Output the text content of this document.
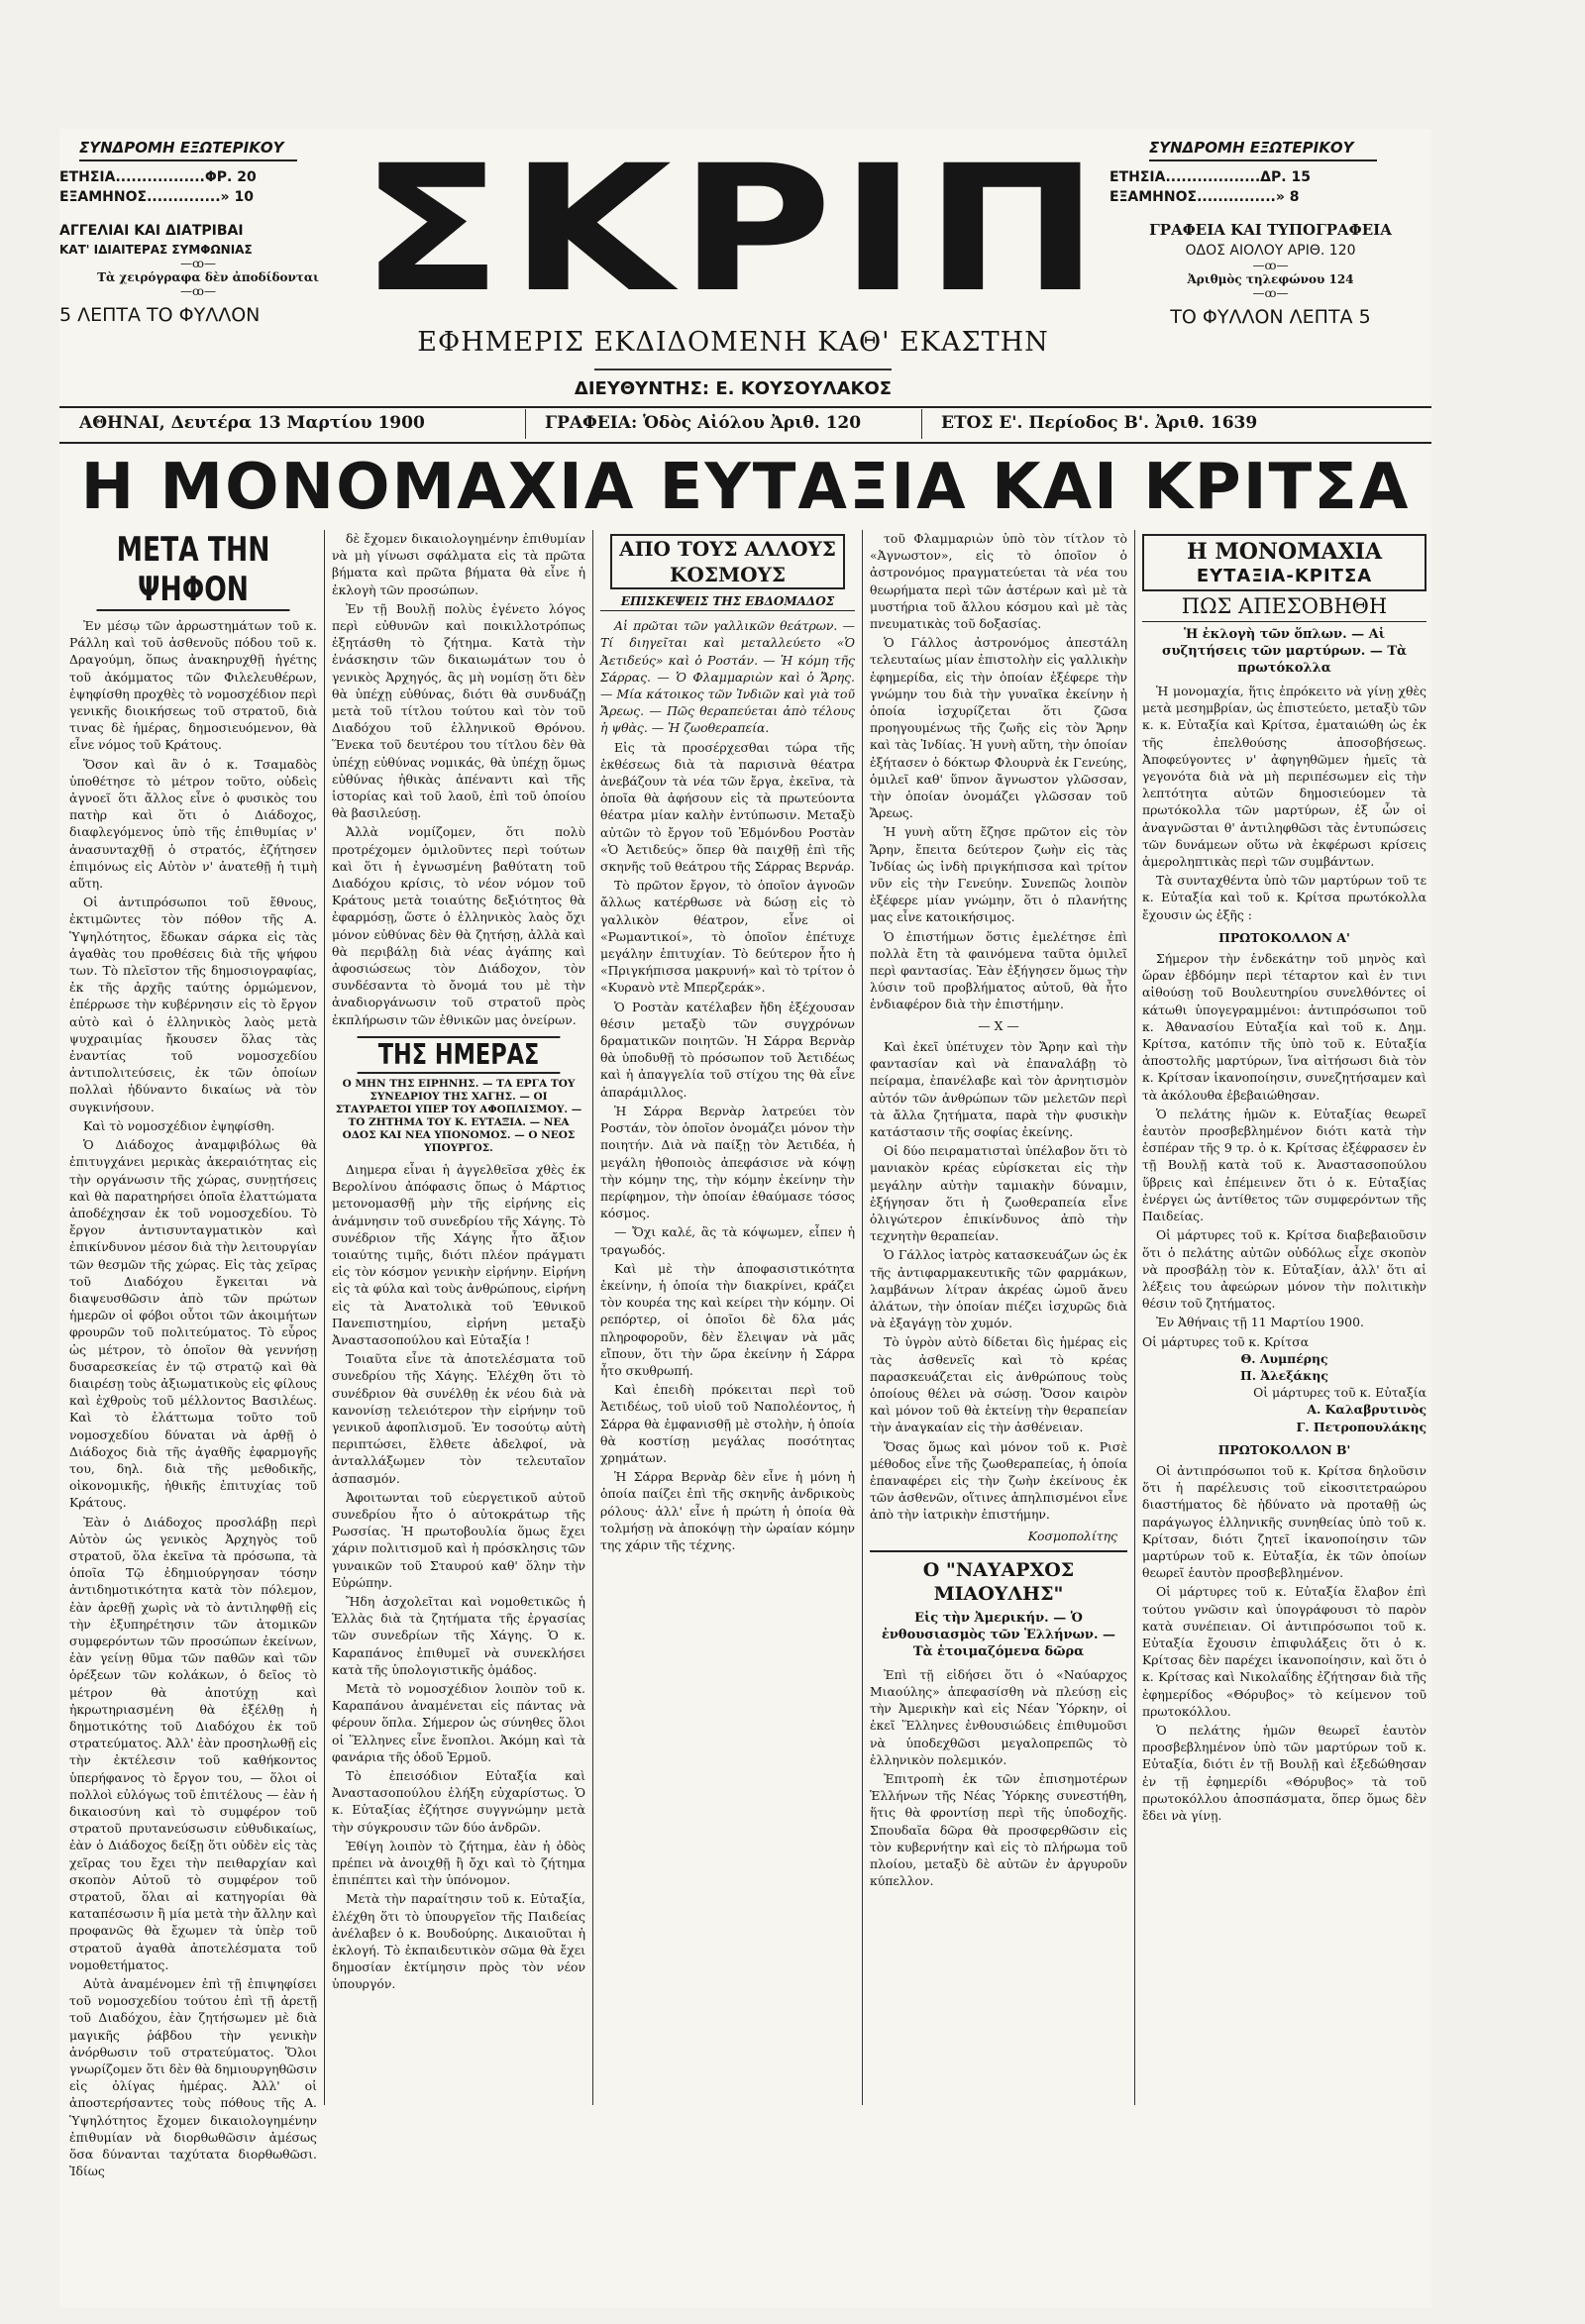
ΣΥΝΔΡΟΜΗ ΕΞΩΤΕΡΙΚΟΥ
ΕΤΗΣΙΑ.................ΦΡ. 20
ΕΞΑΜΗΝΟΣ..............» 10
ΑΓΓΕΛΙΑΙ ΚΑΙ ΔΙΑΤΡΙΒΑΙ
ΚΑΤ' ΙΔΙΑΙΤΕΡΑΣ ΣΥΜΦΩΝΙΑΣ
—ꝏ—
Τὰ χειρόγραφα δὲν ἀποδίδονται
—ꝏ—
5 ΛΕΠΤΑ ΤΟ ΦΥΛΛΟΝ ΣΚΡΙΠ
ΕΦΗΜΕΡΙΣ ΕΚΔΙΔΟΜΕΝΗ ΚΑΘ' ΕΚΑΣΤΗΝ
ΔΙΕΥΘΥΝΤΗΣ: Ε. ΚΟΥΣΟΥΛΑΚΟΣ
ΣΥΝΔΡΟΜΗ ΕΞΩΤΕΡΙΚΟΥ
ΕΤΗΣΙΑ..................ΔΡ. 15
ΕΞΑΜΗΝΟΣ...............» 8
ΓΡΑΦΕΙΑ ΚΑΙ ΤΥΠΟΓΡΑΦΕΙΑ
ΟΔΟΣ ΑΙΟΛΟΥ ΑΡΙΘ. 120
—ꝏ—
Ἀριθμὸς τηλεφώνου 124
—ꝏ—
ΤΟ ΦΥΛΛΟΝ ΛΕΠΤΑ 5
ΑΘΗΝΑΙ, Δευτέρα 13 Μαρτίου 1900	ΓΡΑΦΕΙΑ: Ὁδὸς Αἰόλου Ἀριθ. 120	ΕΤΟΣ Ε'. Περίοδος Β'. Ἀριθ. 1639
Η ΜΟΝΟΜΑΧΙΑ ΕΥΤΑΞΙΑ ΚΑΙ ΚΡΙΤΣΑ
ΜΕΤΑ ΤΗΝ ΨΗΦΟΝ

Ἐν μέσῳ τῶν ἀρρωστημάτων τοῦ κ. Ράλλη καὶ τοῦ ἀσθενοῦς πόδου τοῦ κ. Δραγούμη, ὅπως ἀνακηρυχθῇ ἡγέτης τοῦ ἀκόμματος τῶν Φιλελευθέρων, ἐψηφίσθη προχθὲς τὸ νομοσχέδιον περὶ γενικῆς διοικήσεως τοῦ στρατοῦ, διὰ τινας δὲ ἡμέρας, δημοσιευόμενον, θὰ εἶνε νόμος τοῦ Κράτους.

Ὅσον καὶ ἂν ὁ κ. Τσαμαδὸς ὑποθέτησε τὸ μέτρον τοῦτο, οὐδεὶς ἀγνοεῖ ὅτι ἄλλος εἶνε ὁ φυσικὸς του πατὴρ καὶ ὅτι ὁ Διάδοχος, διαφλεγόμενος ὑπὸ τῆς ἐπιθυμίας ν' ἀνασυνταχθῇ ὁ στρατός, ἐζήτησεν ἐπιμόνως εἰς Αὐτὸν ν' ἀνατεθῇ ἡ τιμὴ αὕτη.

Οἱ ἀντιπρόσωποι τοῦ ἔθνους, ἐκτιμῶντες τὸν πόθον τῆς Α. Ὑψηλότητος, ἔδωκαν σάρκα εἰς τὰς ἀγαθὰς του προθέσεις διὰ τῆς ψήφου των. Τὸ πλεῖστον τῆς δημοσιογραφίας, ἐκ τῆς ἀρχῆς ταύτης ὁρμώμενον, ἐπέρρωσε τὴν κυβέρνησιν εἰς τὸ ἔργον αὐτὸ καὶ ὁ ἑλληνικὸς λαὸς μετὰ ψυχραιμίας ἤκουσεν ὅλας τὰς ἐναντίας τοῦ νομοσχεδίου ἀντιπολιτεύσεις, ἐκ τῶν ὁποίων πολλαὶ ἠδύναντο δικαίως νὰ τὸν συγκινήσουν.

Καὶ τὸ νομοσχέδιον ἐψηφίσθη.

Ὁ Διάδοχος ἀναμφιβόλως θὰ ἐπιτυγχάνει μερικὰς ἀκεραιότητας εἰς τὴν οργάνωσιν τῆς χώρας, συνῃτήσεις καὶ θὰ παρατηρήσει ὁποῖα ἐλαττώματα ἀποδέχησαν ἐκ τοῦ νομοσχεδίου. Τὸ ἔργον ἀντισυνταγματικὸν καὶ ἐπικίνδυνον μέσον διὰ τὴν λειτουργίαν τῶν θεσμῶν τῆς χώρας. Εἰς τὰς χεῖρας τοῦ Διαδόχου ἔγκειται νὰ διαψευσθῶσιν ἀπὸ τῶν πρώτων ἡμερῶν οἱ φόβοι οὗτοι τῶν ἀκοιμήτων φρουρῶν τοῦ πολιτεύματος. Τὸ εὗρος ὡς μέτρον, τὸ ὁποῖον θὰ γεννήσῃ δυσαρεσκείας ἐν τῷ στρατῷ καὶ θὰ διαιρέσῃ τοὺς ἀξιωματικοὺς εἰς φίλους καὶ ἐχθροὺς τοῦ μέλλοντος Βασιλέως. Καὶ τὸ ἐλάττωμα τοῦτο τοῦ νομοσχεδίου δύναται νὰ ἀρθῇ ὁ Διάδοχος διὰ τῆς ἀγαθῆς ἐφαρμογῆς του, δηλ. διὰ τῆς μεθοδικῆς, οἰκονομικῆς, ἠθικῆς ἐπιτυχίας τοῦ Κράτους.

Ἐὰν ὁ Διάδοχος προσλάβῃ περὶ Αὐτὸν ὡς γενικὸς Ἀρχηγὸς τοῦ στρατοῦ, ὅλα ἐκεῖνα τὰ πρόσωπα, τὰ ὁποῖα Τῷ ἐδημιούργησαν τόσην ἀντιδημοτικότητα κατὰ τὸν πόλεμον, ἐὰν ἀρεθῇ χωρὶς νὰ τὸ ἀντιληφθῇ εἰς τὴν ἐξυπηρέτησιν τῶν ἀτομικῶν συμφερόντων τῶν προσώπων ἐκείνων, ἐὰν γείνῃ θῦμα τῶν παθῶν καὶ τῶν ὀρέξεων τῶν κολάκων, ὁ δεῖος τὸ μέτρον θὰ ἀποτύχῃ καὶ ἠκρωτηριασμένη θὰ ἐξέλθῃ ἡ δημοτικότης τοῦ Διαδόχου ἐκ τοῦ στρατεύματος. Ἀλλ' ἐὰν προσηλωθῇ εἰς τὴν ἐκτέλεσιν τοῦ καθήκοντος ὑπερήφανος τὸ ἔργον του, — ὅλοι οἱ πολλοὶ εὐλόγως τοῦ ἐπιτέλους — ἐὰν ἡ δικαιοσύνη καὶ τὸ συμφέρον τοῦ στρατοῦ πρυτανεύσωσιν εὐθυδικαίως, ἐὰν ὁ Διάδοχος δείξῃ ὅτι οὐδὲν εἰς τὰς χεῖρας του ἔχει τὴν πειθαρχίαν καὶ σκοπὸν Αὐτοῦ τὸ συμφέρον τοῦ στρατοῦ, ὅλαι αἱ κατηγορίαι θὰ καταπέσωσιν ἢ μία μετὰ τὴν ἄλλην καὶ προφανῶς θὰ ἔχωμεν τὰ ὑπὲρ τοῦ στρατοῦ ἀγαθὰ ἀποτελέσματα τοῦ νομοθετήματος.

Αὐτὰ ἀναμένομεν ἐπὶ τῇ ἐπιψηφίσει τοῦ νομοσχεδίου τούτου ἐπὶ τῇ ἀρετῇ τοῦ Διαδόχου, ἐὰν ζητήσωμεν μὲ διὰ μαγικῆς ῥάβδου τὴν γενικὴν ἀνόρθωσιν τοῦ στρατεύματος. Ὅλοι γνωρίζομεν ὅτι δὲν θὰ δημιουργηθῶσιν εἰς ὀλίγας ἡμέρας. Ἀλλ' οἱ ἀποστερήσαντες τοὺς πόθους τῆς Α. Ὑψηλότητος ἔχομεν δικαιολογημένην ἐπιθυμίαν νὰ διορθωθῶσιν ἀμέσως ὅσα δύνανται ταχύτατα διορθωθῶσι. Ἰδίως

δὲ ἔχομεν δικαιολογημένην ἐπιθυμίαν νὰ μὴ γίνωσι σφάλματα εἰς τὰ πρῶτα βήματα καὶ πρῶτα βήματα θὰ εἶνε ἡ ἐκλογὴ τῶν προσώπων.

Ἐν τῇ Βουλῇ πολὺς ἐγένετο λόγος περὶ εὐθυνῶν καὶ ποικιλλοτρόπως ἐξητάσθη τὸ ζήτημα. Κατὰ τὴν ἐνάσκησιν τῶν δικαιωμάτων του ὁ γενικὸς Ἀρχηγός, ἂς μὴ νομίσῃ ὅτι δὲν θὰ ὑπέχῃ εὐθύνας, διότι θὰ συνδυάζῃ μετὰ τοῦ τίτλου τούτου καὶ τὸν τοῦ Διαδόχου τοῦ ἑλληνικοῦ Θρόνου. Ἕνεκα τοῦ δευτέρου του τίτλου δὲν θὰ ὑπέχῃ εὐθύνας νομικάς, θὰ ὑπέχῃ ὅμως εὐθύνας ἠθικὰς ἀπέναντι καὶ τῆς ἱστορίας καὶ τοῦ λαοῦ, ἐπὶ τοῦ ὁποίου θὰ βασιλεύσῃ.

Ἀλλὰ νομίζομεν, ὅτι πολὺ προτρέχομεν ὁμιλοῦντες περὶ τούτων καὶ ὅτι ἡ ἐγνωσμένη βαθύτατη τοῦ Διαδόχου κρίσις, τὸ νέον νόμον τοῦ Κράτους μετὰ τοιαύτης δεξιότητος θὰ ἐφαρμόσῃ, ὥστε ὁ ἑλληνικὸς λαὸς ὄχι μόνον εὐθύνας δὲν θὰ ζητήσῃ, ἀλλὰ καὶ θὰ περιβάλῃ διὰ νέας ἀγάπης καὶ ἀφοσιώσεως τὸν Διάδοχον, τὸν συνδέσαντα τὸ ὄνομά του μὲ τὴν ἀναδιοργάνωσιν τοῦ στρατοῦ πρὸς ἐκπλήρωσιν τῶν ἐθνικῶν μας ὀνείρων.

ΤΗΣ ΗΜΕΡΑΣ
Ο ΜΗΝ ΤΗΣ ΕΙΡΗΝΗΣ. — ΤΑ ΕΡΓΑ ΤΟΥ ΣΥΝΕΔΡΙΟΥ ΤΗΣ ΧΑΓΗΣ. — ΟΙ ΣΤΑΥΡΑΕΤΟΙ ΥΠΕΡ ΤΟΥ ΑΦΟΠΛΙΣΜΟΥ. — ΤΟ ΖΗΤΗΜΑ ΤΟΥ Κ. ΕΥΤΑΞΙΑ. — ΝΕΑ ΟΔΟΣ ΚΑΙ ΝΕΑ ΥΠΟΝΟΜΟΣ. — Ο ΝΕΟΣ ΥΠΟΥΡΓΟΣ.

Διημερα εἶναι ἡ ἀγγελθεῖσα χθὲς ἐκ Βερολίνου ἀπόφασις ὅπως ὁ Μάρτιος μετονομασθῇ μὴν τῆς εἰρήνης εἰς ἀνάμνησιν τοῦ συνεδρίου τῆς Χάγης. Τὸ συνέδριον τῆς Χάγης ἦτο ἄξιον τοιαύτης τιμῆς, διότι πλέον πράγματι εἰς τὸν κόσμον γενικὴν εἰρήνην. Εἰρήνη εἰς τὰ φύλα καὶ τοὺς ἀνθρώπους, εἰρήνη εἰς τὰ Ἀνατολικὰ τοῦ Ἑθνικοῦ Πανεπιστημίου, εἰρήνη μεταξὺ Ἀναστασοπούλου καὶ Εὐταξία !

Τοιαῦτα εἶνε τὰ ἀποτελέσματα τοῦ συνεδρίου τῆς Χάγης. Ἐλέχθη ὅτι τὸ συνέδριον θὰ συνέλθῃ ἐκ νέου διὰ νὰ κανονίσῃ τελειότερον τὴν εἰρήνην τοῦ γενικοῦ ἀφοπλισμοῦ. Ἐν τοσούτῳ αὐτὴ περιπτώσει, ἔλθετε ἀδελφοί, νὰ ἀνταλλάξωμεν τὸν τελευταῖον ἀσπασμόν.

Ἀφοιτωνται τοῦ εὐεργετικοῦ αὐτοῦ συνεδρίου ἦτο ὁ αὐτοκράτωρ τῆς Ρωσσίας. Ἡ πρωτοβουλία ὅμως ἔχει χάριν πολιτισμοῦ καὶ ἡ πρόσκλησις τῶν γυναικῶν τοῦ Σταυρού καθ' ὅλην τὴν Εὐρώπην.

Ἤδη ἀσχολεῖται καὶ νομοθετικῶς ἡ Ἑλλὰς διὰ τὰ ζητήματα τῆς ἐργασίας τῶν συνεδρίων τῆς Χάγης. Ὁ κ. Καραπάνος ἐπιθυμεῖ νὰ συνεκλήσει κατὰ τῆς ὑπολογιστικῆς ὁμάδος.

Μετὰ τὸ νομοσχέδιον λοιπὸν τοῦ κ. Καραπάνου ἀναμένεται εἰς πάντας νὰ φέρουν ὅπλα. Σήμερον ὡς σύνηθες ὅλοι οἱ Ἕλληνες εἶνε ἔνοπλοι. Ἀκόμη καὶ τὰ φανάρια τῆς ὁδοῦ Ἑρμοῦ.

Τὸ ἐπεισόδιον Εὐταξία καὶ Ἀναστασοπούλου ἐλήξη εὐχαρίστως. Ὁ κ. Εὐταξίας ἐζήτησε συγγνώμην μετὰ τὴν σύγκρουσιν τῶν δύο ἀνδρῶν.

Ἐθίγη λοιπὸν τὸ ζήτημα, ἐὰν ἡ ὁδὸς πρέπει νὰ ἀνοιχθῇ ἢ ὄχι καὶ τὸ ζήτημα ἐπιπέπτει καὶ τὴν ὑπόνομον.

Μετὰ τὴν παραίτησιν τοῦ κ. Εὐταξία, ἐλέχθη ὅτι τὸ ὑπουργεῖον τῆς Παιδείας ἀνέλαβεν ὁ κ. Βουδούρης. Δικαιοῦται ἡ ἐκλογή. Τὸ ἐκπαιδευτικὸν σῶμα θὰ ἔχει δημοσίαν ἐκτίμησιν πρὸς τὸν νέον ὑπουργόν.

ΑΠΟ ΤΟΥΣ ΑΛΛΟΥΣ ΚΟΣΜΟΥΣ
ΕΠΙΣΚΕΨΕΙΣ ΤΗΣ ΕΒΔΟΜΑΔΟΣ

Αἱ πρῶται τῶν γαλλικῶν θεάτρων. — Τί διηγεῖται καὶ μεταλλεύετο «Ὁ Ἀετιδεύς» καὶ ὁ Ροστάν. — Ἡ κόμη τῆς Σάρρας. — Ὁ Φλαμμαριὼν καὶ ὁ Ἄρης. — Μία κάτοικος τῶν Ἰνδιῶν καὶ γιὰ τοῦ Ἄρεως. — Πῶς θεραπεύεται ἀπὸ τέλους ἡ ψθὰς. — Ἡ ζωοθεραπεία.

Εἰς τὰ προσέρχεσθαι τώρα τῆς ἐκθέσεως διὰ τὰ παρισινὰ θέατρα ἀνεβάζουν τὰ νέα τῶν ἔργα, ἐκεῖνα, τὰ ὁποῖα θὰ ἀφήσουν εἰς τὰ πρωτεύοντα θέατρα μίαν καλὴν ἐντύπωσιν. Μεταξὺ αὐτῶν τὸ ἔργον τοῦ Ἐδμόνδου Ροστὰν «Ὁ Ἀετιδεύς» ὅπερ θὰ παιχθῇ ἐπὶ τῆς σκηνῆς τοῦ θεάτρου τῆς Σάρρας Βερνάρ.

Τὸ πρῶτον ἔργον, τὸ ὁποῖον ἀγνοῶν ἄλλως κατέρθωσε νὰ δώσῃ εἰς τὸ γαλλικὸν θέατρον, εἶνε οἱ «Ρωμαντικοί», τὸ ὁποῖον ἐπέτυχε μεγάλην ἐπιτυχίαν. Τὸ δεύτερον ἦτο ἡ «Πριγκήπισσα μακρυνή» καὶ τὸ τρίτον ὁ «Κυρανὸ ντὲ Μπερζεράκ».

Ὁ Ροστὰν κατέλαβεν ἤδη ἐξέχουσαν θέσιν μεταξὺ τῶν συγχρόνων δραματικῶν ποιητῶν. Ἡ Σάρρα Βερνὰρ θὰ ὑποδυθῇ τὸ πρόσωπον τοῦ Ἀετιδέως καὶ ἡ ἀπαγγελία τοῦ στίχου της θὰ εἶνε ἀπαράμιλλος.

Ἡ Σάρρα Βερνὰρ λατρεύει τὸν Ροστάν, τὸν ὁποῖον ὀνομάζει μόνον τὴν ποιητήν. Διὰ νὰ παίξῃ τὸν Ἀετιδέα, ἡ μεγάλη ἠθοποιὸς ἀπεφάσισε νὰ κόψῃ τὴν κόμην της, τὴν κόμην ἐκείνην τὴν περίφημον, τὴν ὁποίαν ἐθαύμασε τόσος κόσμος.

— Ὄχι καλέ, ἂς τὰ κόψωμεν, εἶπεν ἡ τραγωδός.

Καὶ μὲ τὴν ἀποφασιστικότητα ἐκείνην, ἡ ὁποία τὴν διακρίνει, κράζει τὸν κουρέα της καὶ κείρει τὴν κόμην. Οἱ ρεπόρτερ, οἱ ὁποῖοι δὲ δλα μάς πληροφοροῦν, δὲν ἔλειψαν νὰ μᾶς εἴπουν, ὅτι τὴν ὥρα ἐκείνην ἡ Σάρρα ἦτο σκυθρωπή.

Καὶ ἐπειδὴ πρόκειται περὶ τοῦ Ἀετιδέως, τοῦ υἱοῦ τοῦ Ναπολέοντος, ἡ Σάρρα θὰ ἐμφανισθῇ μὲ στολὴν, ἡ ὁποία θὰ κοστίσῃ μεγάλας ποσότητας χρημάτων.

Ἡ Σάρρα Βερνὰρ δὲν εἶνε ἡ μόνη ἡ ὁποία παίζει ἐπὶ τῆς σκηνῆς ἀνδρικοὺς ρόλους· ἀλλ' εἶνε ἡ πρώτη ἡ ὁποία θὰ τολμήσῃ νὰ ἀποκόψῃ τὴν ὡραίαν κόμην της χάριν τῆς τέχνης.

τοῦ Φλαμμαριὼν ὑπὸ τὸν τίτλον τὸ «Ἀγνωστον», εἰς τὸ ὁποῖον ὁ ἀστρονόμος πραγματεύεται τὰ νέα του θεωρήματα περὶ τῶν ἀστέρων καὶ μὲ τὰ μυστήρια τοῦ ἄλλου κόσμου καὶ μὲ τὰς πνευματικὰς τοῦ δοξασίας.

Ὁ Γάλλος ἀστρονόμος ἀπεστάλη τελευταίως μίαν ἐπιστολὴν εἰς γαλλικὴν ἐφημερίδα, εἰς τὴν ὁποίαν ἐξέφερε τὴν γνώμην του διὰ τὴν γυναῖκα ἐκείνην ἡ ὁποία ἰσχυρίζεται ὅτι ζῶσα προηγουμένως τῆς ζωῆς εἰς τὸν Ἄρην καὶ τὰς Ἰνδίας. Ἡ γυνὴ αὕτη, τὴν ὁποίαν ἐξήτασεν ὁ δόκτωρ Φλουρνὰ ἐκ Γενεύης, ὁμιλεῖ καθ' ὕπνον ἄγνωστον γλῶσσαν, τὴν ὁποίαν ὀνομάζει γλῶσσαν τοῦ Ἄρεως.

Ἡ γυνὴ αὕτη ἔζησε πρῶτον εἰς τὸν Ἄρην, ἔπειτα δεύτερον ζωὴν εἰς τὰς Ἰνδίας ὡς ἰνδὴ πριγκήπισσα καὶ τρίτον νῦν εἰς τὴν Γενεύην. Συνεπῶς λοιπὸν ἐξέφερε μίαν γνώμην, ὅτι ὁ πλανήτης μας εἶνε κατοικήσιμος.

Ὁ ἐπιστήμων ὅστις ἐμελέτησε ἐπὶ πολλὰ ἔτη τὰ φαινόμενα ταῦτα ὁμιλεῖ περὶ φαντασίας. Ἐὰν ἐξήγησεν ὅμως τὴν λύσιν τοῦ προβλήματος αὐτοῦ, θὰ ἦτο ἐνδιαφέρον διὰ τὴν ἐπιστήμην.

— X —

Καὶ ἐκεῖ ὑπέτυχεν τὸν Ἄρην καὶ τὴν φαντασίαν καὶ νὰ ἐπαναλάβῃ τὸ πείραμα, ἐπανέλαβε καὶ τὸν ἀρνητισμὸν αὐτόν τῶν ἀνθρώπων τῶν μελετῶν περὶ τὰ ἄλλα ζητήματα, παρὰ τὴν φυσικὴν κατάστασιν τῆς σοφίας ἐκείνης.

Οἱ δύο πειραματισταὶ ὑπέλαβον ὅτι τὸ μανιακὸν κρέας εὑρίσκεται εἰς τὴν μεγάλην αὐτὴν ταμιακὴν δύναμιν, ἐξήγησαν ὅτι ἡ ζωοθεραπεία εἶνε ὀλιγώτερον ἐπικίνδυνος ἀπὸ τὴν τεχνητὴν θεραπείαν.

Ὁ Γάλλος ἰατρὸς κατασκευάζων ὡς ἐκ τῆς ἀντιφαρμακευτικῆς τῶν φαρμάκων, λαμβάνων λίτραν ἀκρέας ὠμοῦ ἄνευ ἀλάτων, τὴν ὁποίαν πιέζει ἰσχυρῶς διὰ νὰ ἐξαγάγῃ τὸν χυμόν.

Τὸ ὑγρὸν αὐτὸ δίδεται δὶς ἡμέρας εἰς τὰς ἀσθενεῖς καὶ τὸ κρέας παρασκευάζεται εἰς ἀνθρώπους τοὺς ὁποίους θέλει νὰ σώσῃ. Ὅσον καιρὸν καὶ μόνον τοῦ θὰ ἐκτείνῃ τὴν θεραπείαν τὴν ἀναγκαίαν εἰς τὴν ἀσθένειαν.

Ὅσας ὅμως καὶ μόνον τοῦ κ. Ρισὲ μέθοδος εἶνε τῆς ζωοθεραπείας, ἡ ὁποία ἐπαναφέρει εἰς τὴν ζωὴν ἐκείνους ἐκ τῶν ἀσθενῶν, οἵτινες ἀπηλπισμένοι εἶνε ἀπὸ τὴν ἰατρικὴν ἐπιστήμην.

Κοσμοπολίτης
Ο "ΝΑΥΑΡΧΟΣ ΜΙΑΟΥΛΗΣ"
Εἰς τὴν Ἀμερικήν. — Ὁ ἐνθουσιασμὸς τῶν Ἑλλήνων. — Τὰ ἑτοιμαζόμενα δῶρα

Ἐπὶ τῇ εἰδήσει ὅτι ὁ «Ναύαρχος Μιαούλης» ἀπεφασίσθη νὰ πλεύσῃ εἰς τὴν Ἀμερικὴν καὶ εἰς Νέαν Ὑόρκην, οἱ ἐκεῖ Ἕλληνες ἐνθουσιώδεις ἐπιθυμοῦσι νὰ ὑποδεχθῶσι μεγαλοπρεπῶς τὸ ἑλληνικὸν πολεμικόν.

Ἐπιτροπὴ ἐκ τῶν ἐπισημοτέρων Ἑλλήνων τῆς Νέας Ὑόρκης συνεστήθη, ἥτις θὰ φροντίσῃ περὶ τῆς ὑποδοχῆς. Σπουδαῖα δῶρα θὰ προσφερθῶσιν εἰς τὸν κυβερνήτην καὶ εἰς τὸ πλήρωμα τοῦ πλοίου, μεταξὺ δὲ αὐτῶν ἐν ἀργυροῦν κύπελλον.

Η ΜΟΝΟΜΑΧΙΑ
ΕΥΤΑΞΙΑ-ΚΡΙΤΣΑ
ΠΩΣ ΑΠΕΣΟΒΗΘΗ
Ἡ ἐκλογὴ τῶν ὅπλων. — Αἱ συζητήσεις τῶν μαρτύρων. — Τὰ πρωτόκολλα

Ἡ μονομαχία, ἥτις ἐπρόκειτο νὰ γίνῃ χθὲς μετὰ μεσημβρίαν, ὡς ἐπιστεύετο, μεταξὺ τῶν κ. κ. Εὐταξία καὶ Κρίτσα, ἐματαιώθη ὡς ἐκ τῆς ἐπελθούσης ἀποσοβήσεως. Ἀποφεύγοντες ν' ἀφηγηθῶμεν ἡμεῖς τὰ γεγονότα διὰ νὰ μὴ περιπέσωμεν εἰς τὴν λεπτότητα αὐτῶν δημοσιεύομεν τὰ πρωτόκολλα τῶν μαρτύρων, ἐξ ὧν οἱ ἀναγνῶσται θ' ἀντιληφθῶσι τὰς ἐντυπώσεις τῶν δυνάμεων οὕτω νὰ ἐκφέρωσι κρίσεις ἀμεροληπτικὰς περὶ τῶν συμβάντων.

Τὰ συνταχθέντα ὑπὸ τῶν μαρτύρων τοῦ τε κ. Εὐταξία καὶ τοῦ κ. Κρίτσα πρωτόκολλα ἔχουσιν ὡς ἑξῆς :

ΠΡΩΤΟΚΟΛΛΟΝ Α'

Σήμερον τὴν ἑνδεκάτην τοῦ μηνὸς καὶ ὥραν ἑβδόμην περὶ τέταρτον καὶ ἐν τινι αἰθούσῃ τοῦ Βουλευτηρίου συνελθόντες οἱ κάτωθι ὑπογεγραμμένοι: ἀντιπρόσωποι τοῦ κ. Ἀθανασίου Εὐταξία καὶ τοῦ κ. Δημ. Κρίτσα, κατόπιν τῆς ὑπὸ τοῦ κ. Εὐταξία ἀποστολῆς μαρτύρων, ἵνα αἰτήσωσι διὰ τὸν κ. Κρίτσαν ἱκανοποίησιν, συνεζητήσαμεν καὶ τὰ ἀκόλουθα ἐβεβαιώθησαν.

Ὁ πελάτης ἡμῶν κ. Εὐταξίας θεωρεῖ ἑαυτὸν προσβεβλημένον διότι κατὰ τὴν ἑσπέραν τῆς 9 τρ. ὁ κ. Κρίτσας ἐξέφρασεν ἐν τῇ Βουλῇ κατὰ τοῦ κ. Ἀναστασοπούλου ὕβρεις καὶ ἐπέμεινεν ὅτι ὁ κ. Εὐταξίας ἐνέργει ὡς ἀντίθετος τῶν συμφερόντων τῆς Παιδείας.

Οἱ μάρτυρες τοῦ κ. Κρίτσα διαβεβαιοῦσιν ὅτι ὁ πελάτης αὐτῶν οὐδόλως εἶχε σκοπὸν νὰ προσβάλῃ τὸν κ. Εὐταξίαν, ἀλλ' ὅτι αἱ λέξεις του ἀφεώρων μόνον τὴν πολιτικὴν θέσιν τοῦ ζητήματος.

Ἐν Ἀθήναις τῇ 11 Μαρτίου 1900.

Οἱ μάρτυρες τοῦ κ. Κρίτσα
Θ. Λυμπέρης
Π. Ἀλεξάκης
Οἱ μάρτυρες τοῦ κ. Εὐταξία
Α. Καλαβρυτινὸς
Γ. Πετροπουλάκης
ΠΡΩΤΟΚΟΛΛΟΝ Β'

Οἱ ἀντιπρόσωποι τοῦ κ. Κρίτσα δηλοῦσιν ὅτι ἡ παρέλευσις τοῦ εἰκοσιτετραώρου διαστήματος δὲ ἠδύνατο νὰ προταθῇ ὡς παράγωγος ἑλληνικῆς συνηθείας ὑπὸ τοῦ κ. Κρίτσαν, διότι ζητεῖ ἱκανοποίησιν τῶν μαρτύρων τοῦ κ. Εὐταξία, ἐκ τῶν ὁποίων θεωρεῖ ἑαυτὸν προσβεβλημένον.

Οἱ μάρτυρες τοῦ κ. Εὐταξία ἔλαβον ἐπὶ τούτου γνῶσιν καὶ ὑπογράφουσι τὸ παρὸν κατὰ συνέπειαν. Οἱ ἀντιπρόσωποι τοῦ κ. Εὐταξία ἔχουσιν ἐπιφυλάξεις ὅτι ὁ κ. Κρίτσας δὲν παρέχει ἱκανοποίησιν, καὶ ὅτι ὁ κ. Κρίτσας καὶ Νικολαΐδης ἐζήτησαν διὰ τῆς ἐφημερίδος «Θόρυβος» τὸ κείμενον τοῦ πρωτοκόλλου.

Ὁ πελάτης ἡμῶν θεωρεῖ ἑαυτὸν προσβεβλημένον ὑπὸ τῶν μαρτύρων τοῦ κ. Εὐταξία, διότι ἐν τῇ Βουλῇ καὶ ἐξεδώθησαν ἐν τῇ ἐφημερίδι «Θόρυβος» τὰ τοῦ πρωτοκόλλου ἀποσπάσματα, ὅπερ ὅμως δὲν ἔδει νὰ γίνῃ.
